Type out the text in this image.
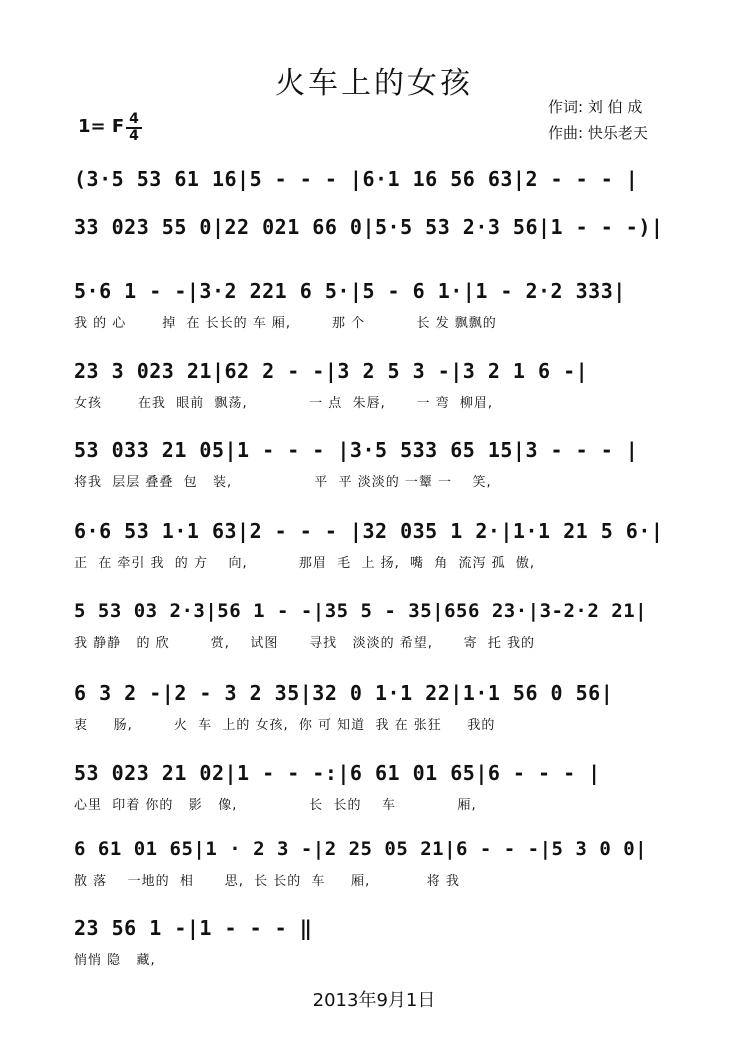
火车上的女孩
作词: 刘 伯 成
作曲: 快乐老天
1= F 4
4
(3·5 53 61 16|5 - - - |6·1 16 56 63|2 - - - |
33 023 55 0|22 021 66 0|5·5 53 2·3 56|1 - - -)|
5·6 1 - -|3·2 221 6 5·|5 - 6 1·|1 - 2·2 333|
我 的 心       掉  在 长长的 车 厢,        那 个          长 发 飘飘的
23 3 023 21|62 2 - -|3 2 5 3 -|3 2 1 6 -|
女孩       在我  眼前  飘荡,            一 点  朱唇,      一 弯  柳眉,
53 033 21 05|1 - - - |3·5 533 65 15|3 - - - |
将我  层层 叠叠  包   装,                平  平 淡淡的 一颦 一    笑,
6·6 53 1·1 63|2 - - - |32 035 1 2·|1·1 21 5 6·|
正  在 牵引 我  的 方    向,          那眉  毛  上 扬,  嘴  角  流泻 孤  傲,
5 53 03 2·3|56 1 - -|35 5 - 35|656 23·|3-2·2 21|
我 静静   的 欣        赏,    试图      寻找   淡淡的 希望,      寄  托 我的
6 3 2 -|2 - 3 2 35|32 0 1·1 22|1·1 56 0 56|
衷     肠,        火  车  上的 女孩,  你 可 知道  我 在 张狂     我的
53 023 21 02|1 - - -:|6 61 01 65|6 - - - |
心里  印着 你的   影   像,              长  长的    车            厢,
6 61 01 65|1 · 2 3 -|2 25 05 21|6 - - -|5 3 0 0|
散 落    一地的  相      思,  长 长的  车     厢,           将 我
23 56 1 -|1 - - - ‖
悄悄 隐   藏,
2013年9月1日
